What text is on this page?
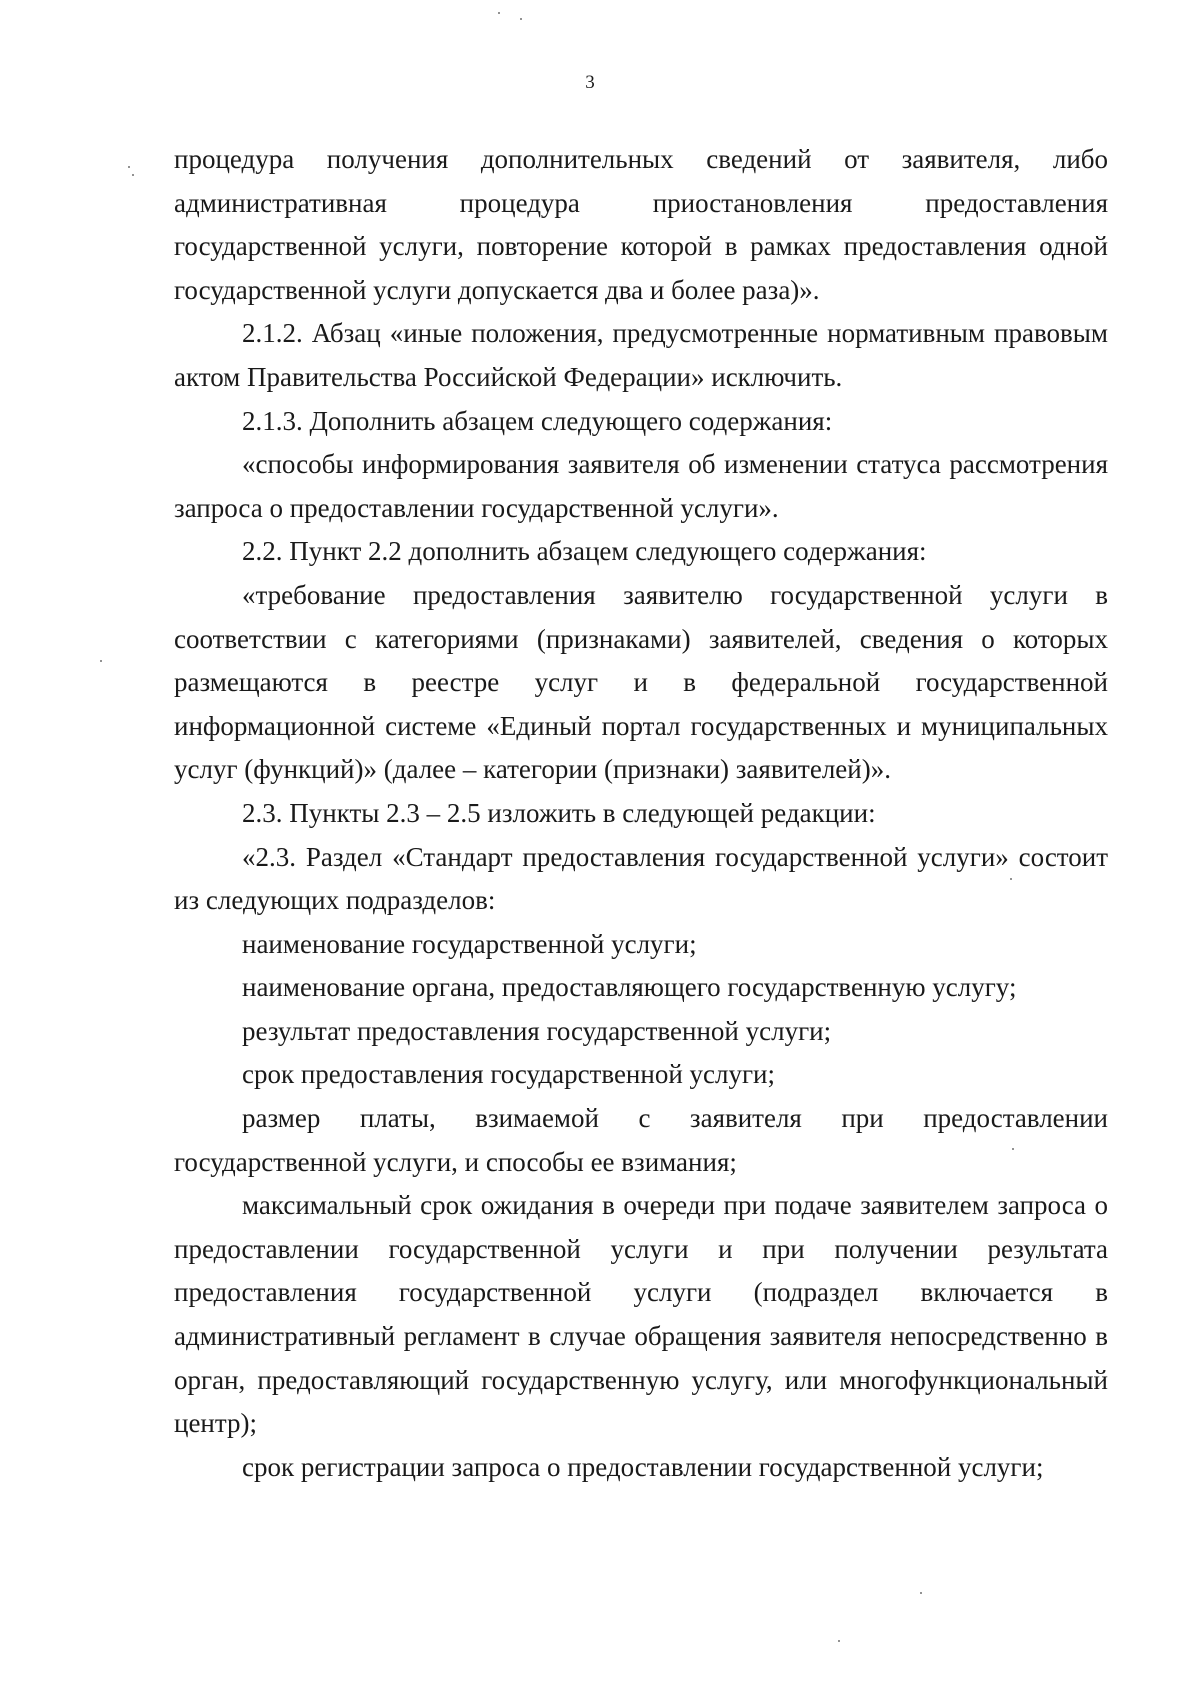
3

процедура получения дополнительных сведений от заявителя, либо административная процедура приостановления предоставления государственной услуги, повторение которой в рамках предоставления одной государственной услуги допускается два и более раза)».

2.1.2. Абзац «иные положения, предусмотренные нормативным правовым актом Правительства Российской Федерации» исключить.

2.1.3. Дополнить абзацем следующего содержания:

«способы информирования заявителя об изменении статуса рассмотрения запроса о предоставлении государственной услуги».

2.2. Пункт 2.2 дополнить абзацем следующего содержания:

«требование предоставления заявителю государственной услуги в соответствии с категориями (признаками) заявителей, сведения о которых размещаются в реестре услуг и в федеральной государственной информационной системе «Единый портал государственных и муниципальных услуг (функций)» (далее – категории (признаки) заявителей)».

2.3. Пункты 2.3 – 2.5 изложить в следующей редакции:

«2.3. Раздел «Стандарт предоставления государственной услуги» состоит из следующих подразделов:

наименование государственной услуги;

наименование органа, предоставляющего государственную услугу;

результат предоставления государственной услуги;

срок предоставления государственной услуги;

размер платы, взимаемой с заявителя при предоставлении государственной услуги, и способы ее взимания;

максимальный срок ожидания в очереди при подаче заявителем запроса о предоставлении государственной услуги и при получении результата предоставления государственной услуги (подраздел включается в административный регламент в случае обращения заявителя непосредственно в орган, предоставляющий государственную услугу, или многофункциональный центр);

срок регистрации запроса о предоставлении государственной услуги;
